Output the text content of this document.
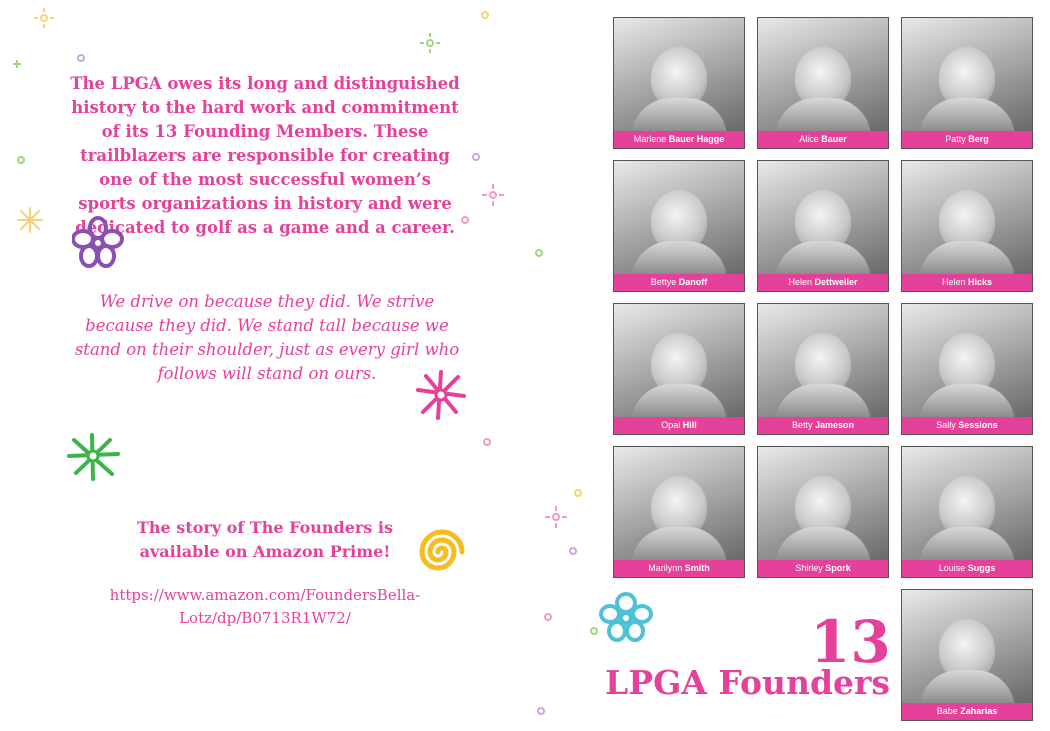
The LPGA owes its long and distinguished history to the hard work and commitment of its 13 Founding Members. These trailblazers are responsible for creating one of the most successful women’s sports organizations in history and were dedicated to golf as a game and a career.
We drive on because they did. We strive because they did. We stand tall because we stand on their shoulder, just as every girl who follows will stand on ours.
The story of The Founders is available on Amazon Prime!
https://www.amazon.com/FoundersBella-Lotz/dp/B0713R1W72/
Marlene Bauer Hagge	Alice Bauer	Patty Berg
Bettye Danoff	Helen Dettweiler	Helen Hicks
Opal Hill	Betty Jameson	Sally Sessions
Marilynn Smith	Shirley Spork	Louise Suggs
Babe Zaharias
13
LPGA Founders
